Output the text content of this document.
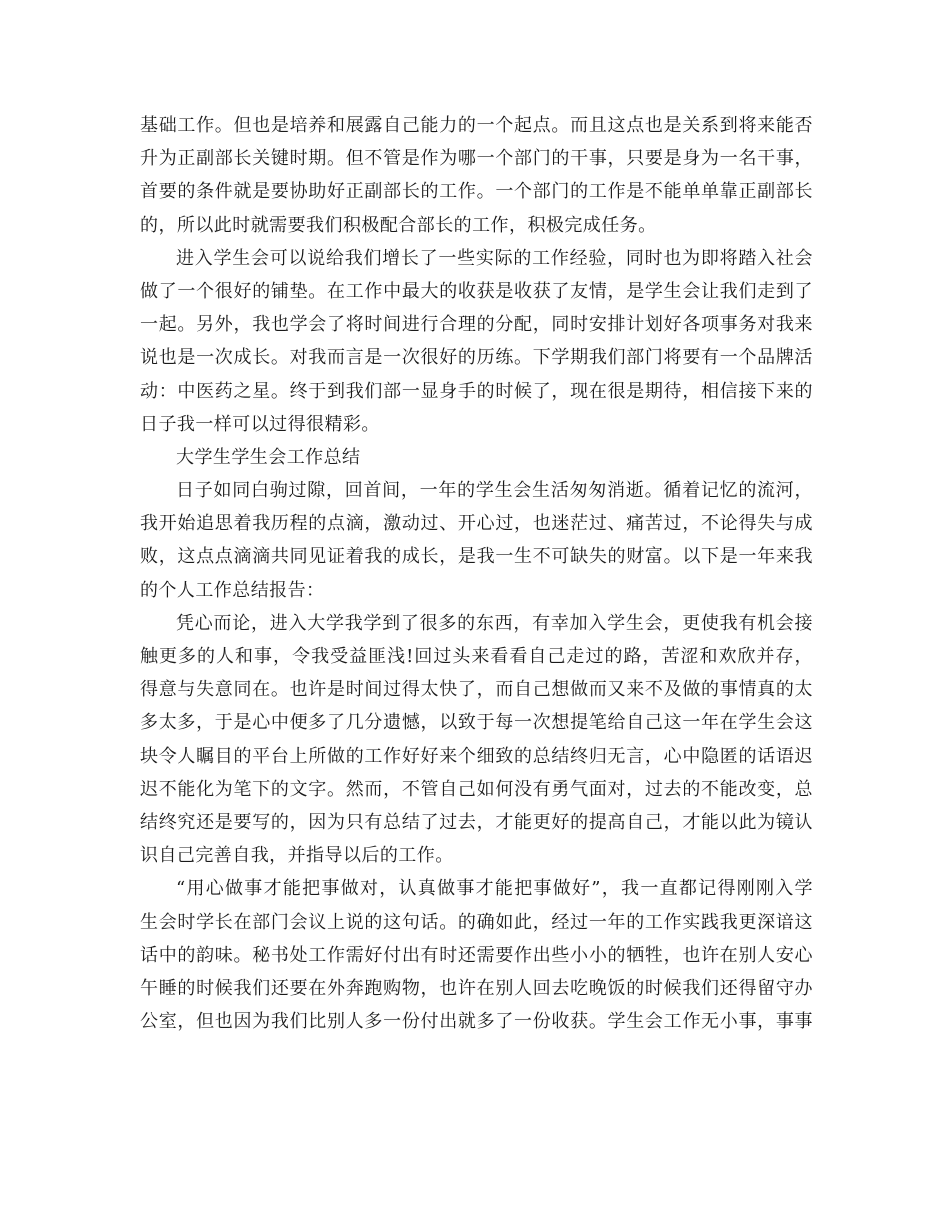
基础工作。但也是培养和展露自己能力的一个起点。而且这点也是关系到将来能否
升为正副部长关键时期。但不管是作为哪一个部门的干事，只要是身为一名干事，
首要的条件就是要协助好正副部长的工作。一个部门的工作是不能单单靠正副部长
的，所以此时就需要我们积极配合部长的工作，积极完成任务。
进入学生会可以说给我们增长了一些实际的工作经验，同时也为即将踏入社会
做了一个很好的铺垫。在工作中最大的收获是收获了友情，是学生会让我们走到了
一起。另外，我也学会了将时间进行合理的分配，同时安排计划好各项事务对我来
说也是一次成长。对我而言是一次很好的历练。下学期我们部门将要有一个品牌活
动：中医药之星。终于到我们部一显身手的时候了，现在很是期待，相信接下来的
日子我一样可以过得很精彩。
大学生学生会工作总结
日子如同白驹过隙，回首间，一年的学生会生活匆匆消逝。循着记忆的流河，
我开始追思着我历程的点滴，激动过、开心过，也迷茫过、痛苦过，不论得失与成
败，这点点滴滴共同见证着我的成长，是我一生不可缺失的财富。以下是一年来我
的个人工作总结报告：
凭心而论，进入大学我学到了很多的东西，有幸加入学生会，更使我有机会接
触更多的人和事，令我受益匪浅!回过头来看看自己走过的路，苦涩和欢欣并存，
得意与失意同在。也许是时间过得太快了，而自己想做而又来不及做的事情真的太
多太多，于是心中便多了几分遗憾，以致于每一次想提笔给自己这一年在学生会这
块令人瞩目的平台上所做的工作好好来个细致的总结终归无言，心中隐匿的话语迟
迟不能化为笔下的文字。然而，不管自己如何没有勇气面对，过去的不能改变，总
结终究还是要写的，因为只有总结了过去，才能更好的提高自己，才能以此为镜认
识自己完善自我，并指导以后的工作。
“用心做事才能把事做对，认真做事才能把事做好”，我一直都记得刚刚入学
生会时学长在部门会议上说的这句话。的确如此，经过一年的工作实践我更深谙这
话中的韵味。秘书处工作需好付出有时还需要作出些小小的牺牲，也许在别人安心
午睡的时候我们还要在外奔跑购物，也许在别人回去吃晚饭的时候我们还得留守办
公室，但也因为我们比别人多一份付出就多了一份收获。学生会工作无小事，事事
